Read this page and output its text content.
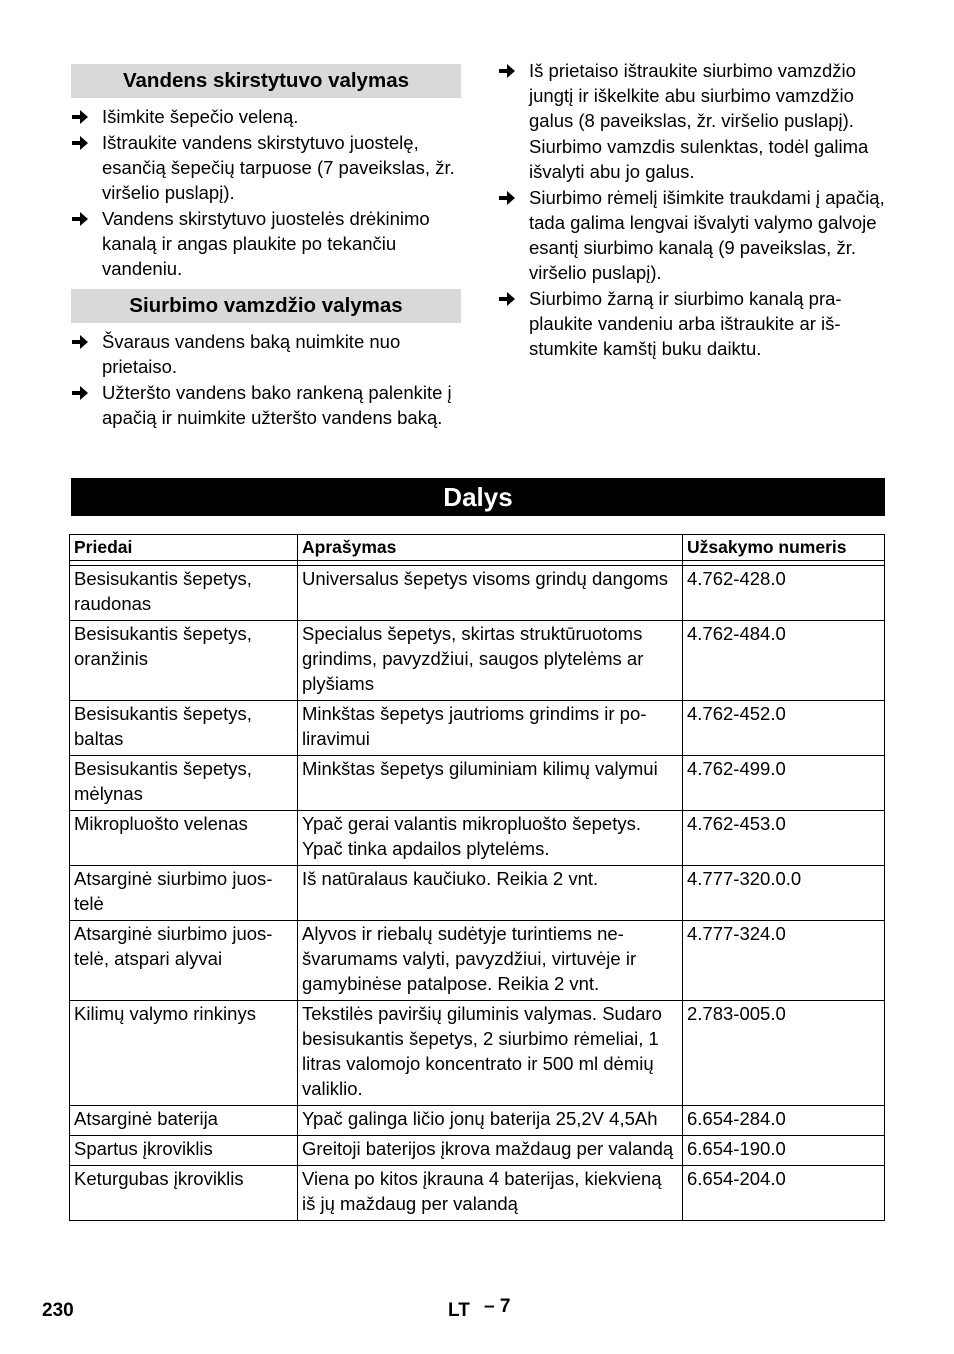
Vandens skirstytuvo valymas
Išimkite šepečio veleną.
Ištraukite vandens skirstytuvo juostelę, esančią šepečių tarpuose (7 paveikslas, žr. viršelio puslapį).
Vandens skirstytuvo juostelės drėkinimo kanalą ir angas plaukite po tekančiu vandeniu.
Siurbimo vamzdžio valymas
Švaraus vandens baką nuimkite nuo prietaiso.
Užteršto vandens bako rankeną palenkite į apačią ir nuimkite užteršto vandens baką.
Iš prietaiso ištraukite siurbimo vamzdžio jungtį ir iškelkite abu siurbimo vamzdžio galus (8 paveikslas, žr. viršelio puslapį).
Siurbimo vamzdis sulenktas, todėl galima išvalyti abu jo galus.
Siurbimo rėmelį išimkite traukdami į apačią, tada galima lengvai išvalyti valymo galvoje esantį siurbimo kanalą (9 paveikslas, žr. viršelio puslapį).
Siurbimo žarną ir siurbimo kanalą praplaukite vandeniu arba ištraukite ar išstumkite kamštį buku daiktu.
Dalys
Priedai	Aprašymas	Užsakymo numeris

Besisukantis šepetys, raudonas	Universalus šepetys visoms grindų dangoms	4.762-428.0
Besisukantis šepetys, oranžinis	Specialus šepetys, skirtas struktūruotoms grindims, pavyzdžiui, saugos plytelėms ar plyšiams	4.762-484.0
Besisukantis šepetys, baltas	Minkštas šepetys jautrioms grindims ir poliravimui	4.762-452.0
Besisukantis šepetys, mėlynas	Minkštas šepetys giluminiam kilimų valymui	4.762-499.0
Mikropluošto velenas	Ypač gerai valantis mikropluošto šepetys. Ypač tinka apdailos plytelėms.	4.762-453.0
Atsarginė siurbimo juostelė	Iš natūralaus kaučiuko. Reikia 2 vnt.	4.777-320.0.0
Atsarginė siurbimo juostelė, atspari alyvai	Alyvos ir riebalų sudėtyje turintiems nešvarumams valyti, pavyzdžiui, virtuvėje ir gamybinėse patalpose. Reikia 2 vnt.	4.777-324.0
Kilimų valymo rinkinys	Tekstilės paviršių giluminis valymas. Sudaro besisukantis šepetys, 2 siurbimo rėmeliai, 1 litras valomojo koncentrato ir 500 ml dėmių valiklio.	2.783-005.0
Atsarginė baterija	Ypač galinga ličio jonų baterija 25,2V 4,5Ah	6.654-284.0
Spartus įkroviklis	Greitoji baterijos įkrova maždaug per valandą	6.654-190.0
Keturgubas įkroviklis	Viena po kitos įkrauna 4 baterijas, kiekvieną iš jų maždaug per valandą	6.654-204.0
230	LT – 7
